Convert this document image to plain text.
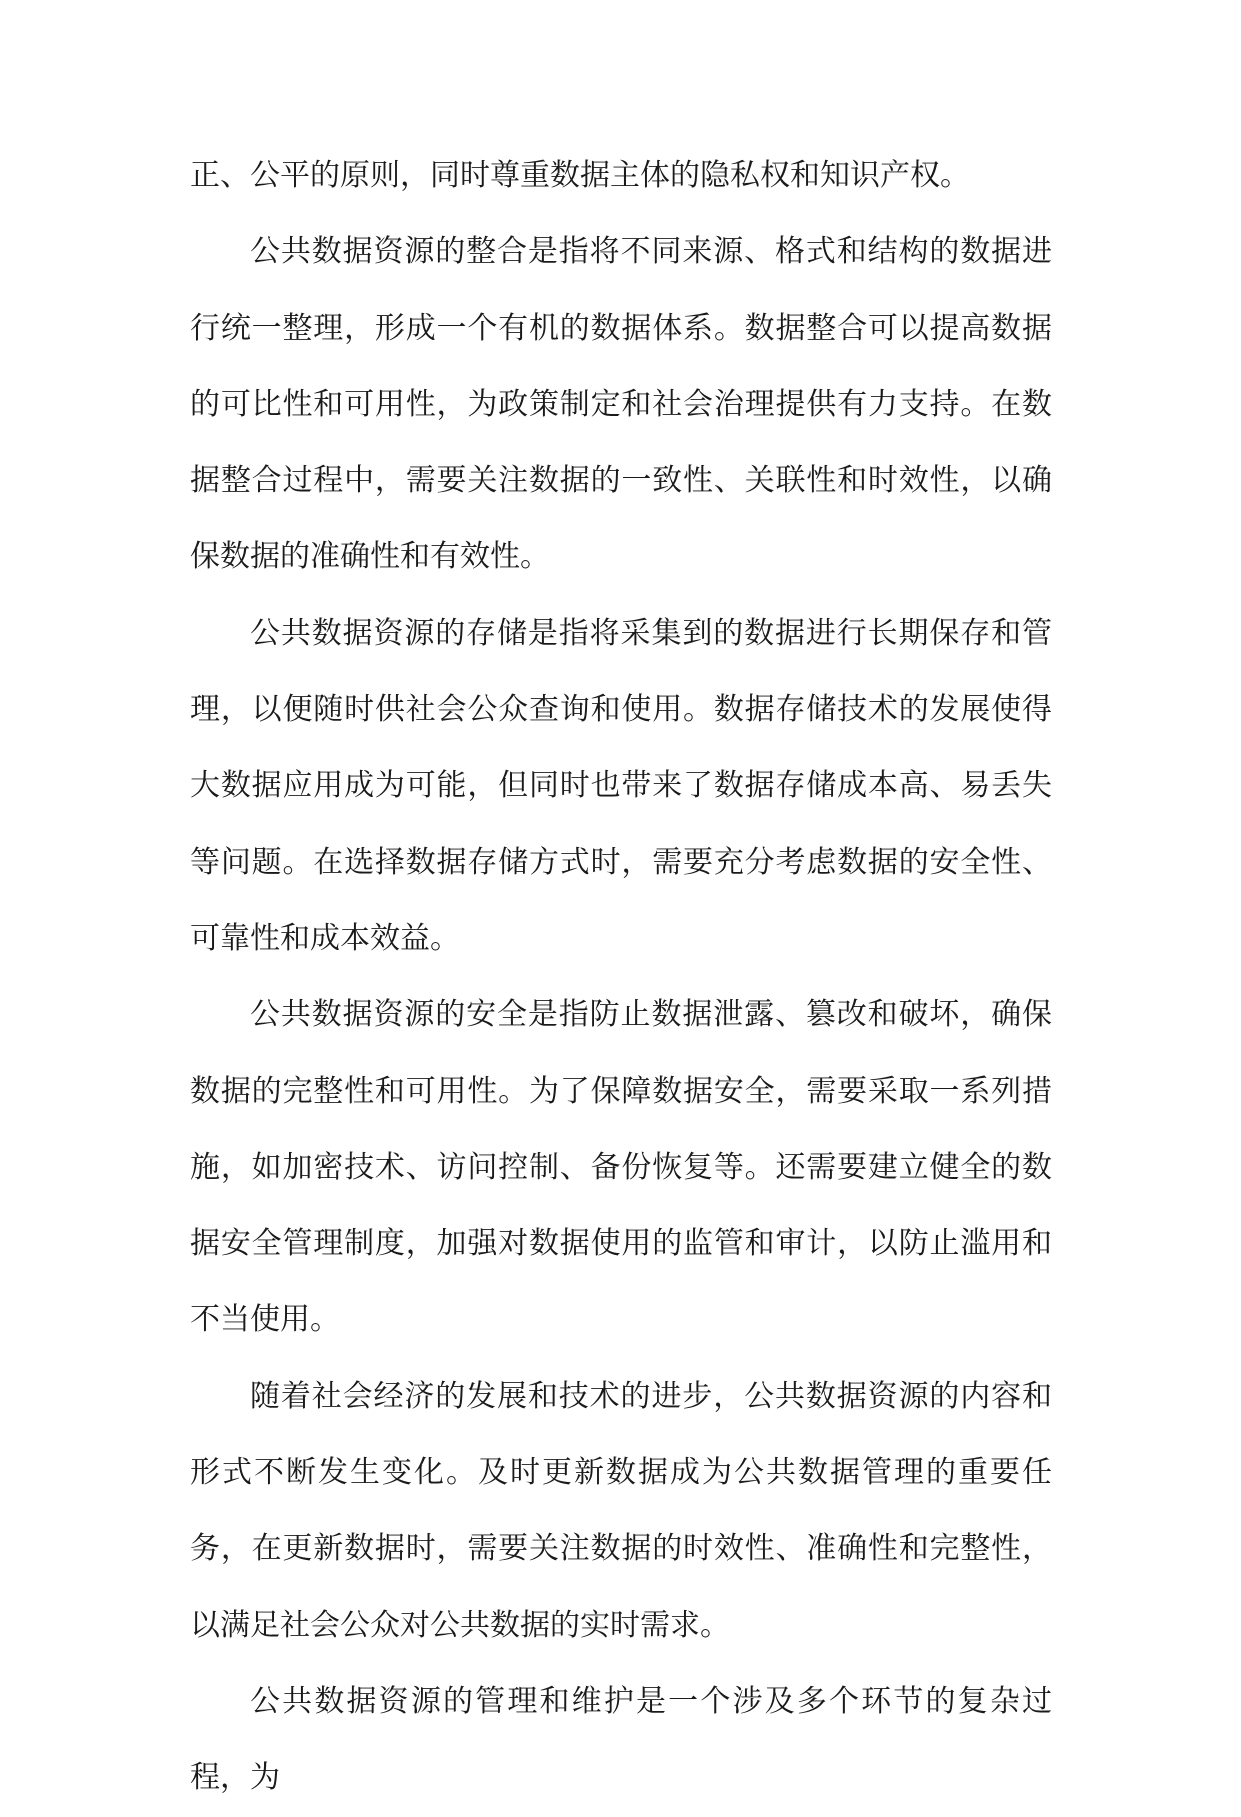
正、公平的原则，同时尊重数据主体的隐私权和知识产权。

公共数据资源的整合是指将不同来源、格式和结构的数据进行统一整理，形成一个有机的数据体系。数据整合可以提高数据的可比性和可用性，为政策制定和社会治理提供有力支持。在数据整合过程中，需要关注数据的一致性、关联性和时效性，以确保数据的准确性和有效性。

公共数据资源的存储是指将采集到的数据进行长期保存和管理，以便随时供社会公众查询和使用。数据存储技术的发展使得大数据应用成为可能，但同时也带来了数据存储成本高、易丢失等问题。在选择数据存储方式时，需要充分考虑数据的安全性、可靠性和成本效益。

公共数据资源的安全是指防止数据泄露、篡改和破坏，确保数据的完整性和可用性。为了保障数据安全，需要采取一系列措施，如加密技术、访问控制、备份恢复等。还需要建立健全的数据安全管理制度，加强对数据使用的监管和审计，以防止滥用和不当使用。

随着社会经济的发展和技术的进步，公共数据资源的内容和形式不断发生变化。及时更新数据成为公共数据管理的重要任务，在更新数据时，需要关注数据的时效性、准确性和完整性，以满足社会公众对公共数据的实时需求。

公共数据资源的管理和维护是一个涉及多个环节的复杂过程，为
